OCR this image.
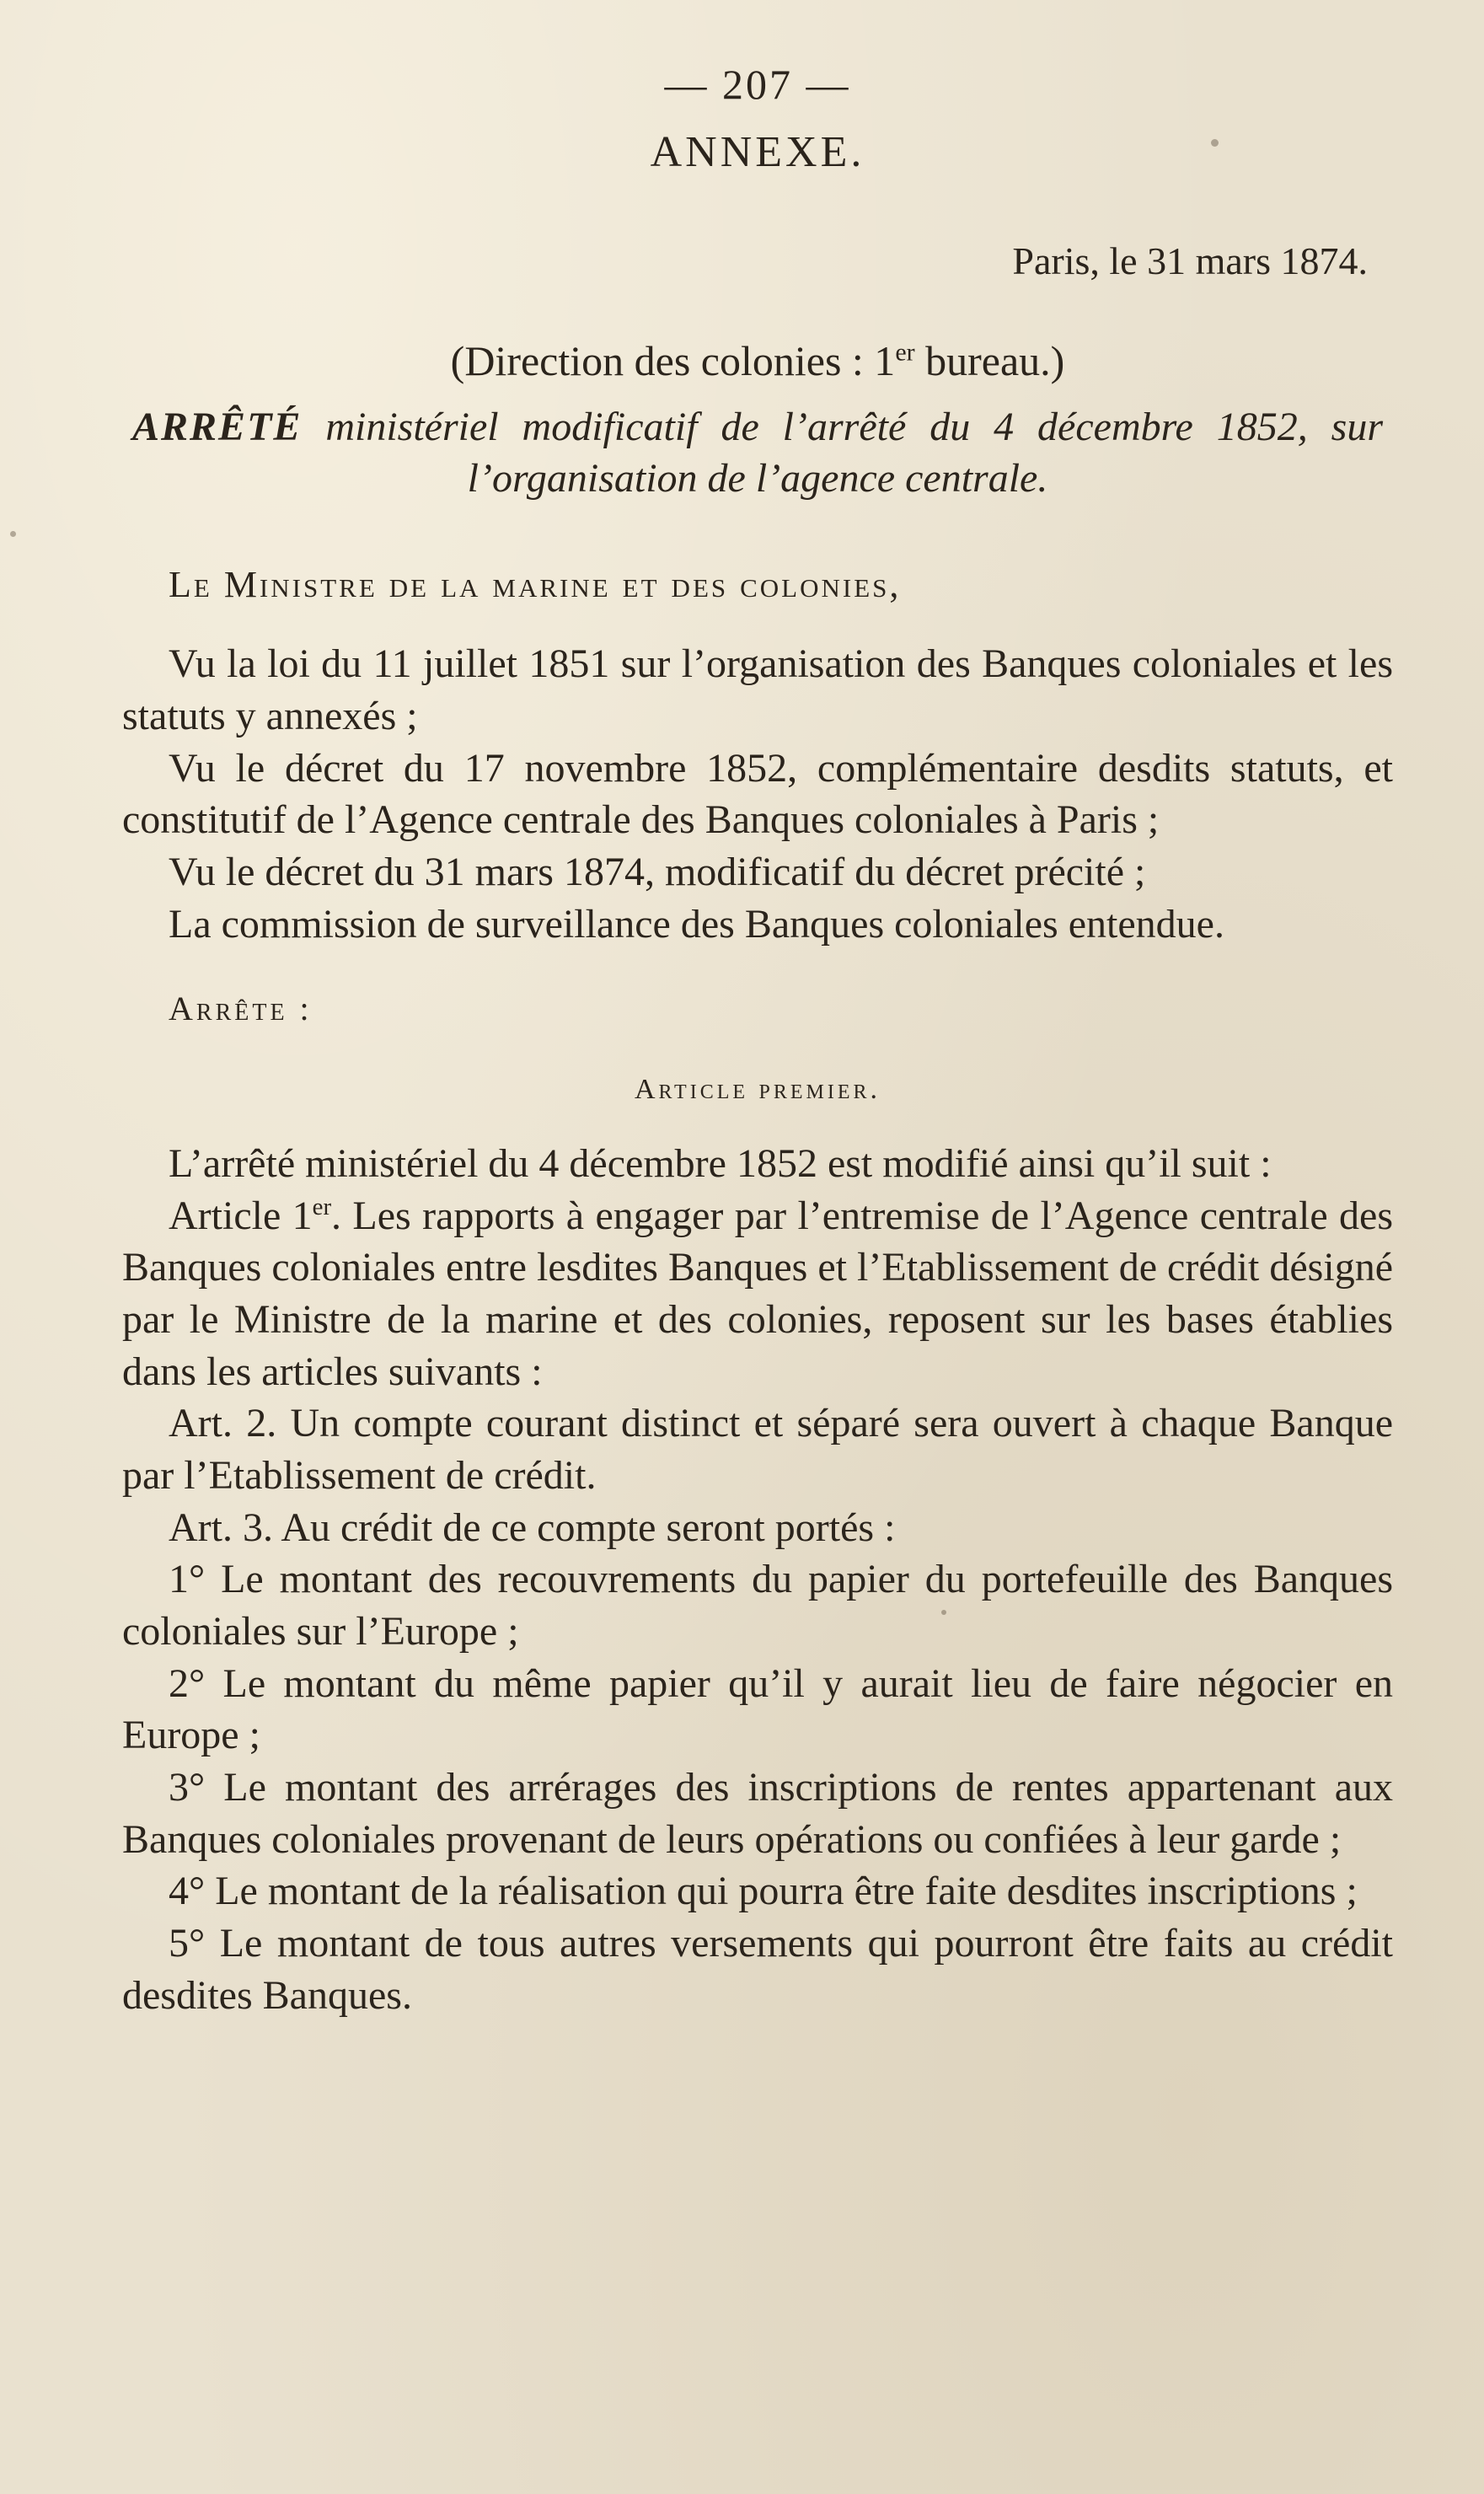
— 207 —
ANNEXE.
Paris, le 31 mars 1874.
(Direction des colonies : 1er bureau.)
ARRÊTÉ ministériel modificatif de l’arrêté du 4 décembre 1852, sur l’organisation de l’agence centrale.
Le Ministre de la marine et des colonies,

Vu la loi du 11 juillet 1851 sur l’organisation des Banques coloniales et les statuts y annexés ;

Vu le décret du 17 novembre 1852, complémentaire desdits statuts, et constitutif de l’Agence centrale des Banques coloniales à Paris ;

Vu le décret du 31 mars 1874, modificatif du décret précité ;

La commission de surveillance des Banques coloniales entendue.

Arrête :
Article premier.

L’arrêté ministériel du 4 décembre 1852 est modifié ainsi qu’il suit :

Article 1er. Les rapports à engager par l’entremise de l’Agence centrale des Banques coloniales entre lesdites Banques et l’Etablissement de crédit désigné par le Ministre de la marine et des colonies, reposent sur les bases établies dans les articles suivants :

Art. 2. Un compte courant distinct et séparé sera ouvert à chaque Banque par l’Etablissement de crédit.

Art. 3. Au crédit de ce compte seront portés :

1° Le montant des recouvrements du papier du portefeuille des Banques coloniales sur l’Europe ;

2° Le montant du même papier qu’il y aurait lieu de faire négocier en Europe ;

3° Le montant des arrérages des inscriptions de rentes appartenant aux Banques coloniales provenant de leurs opérations ou confiées à leur garde ;

4° Le montant de la réalisation qui pourra être faite desdites inscriptions ;

5° Le montant de tous autres versements qui pourront être faits au crédit desdites Banques.
